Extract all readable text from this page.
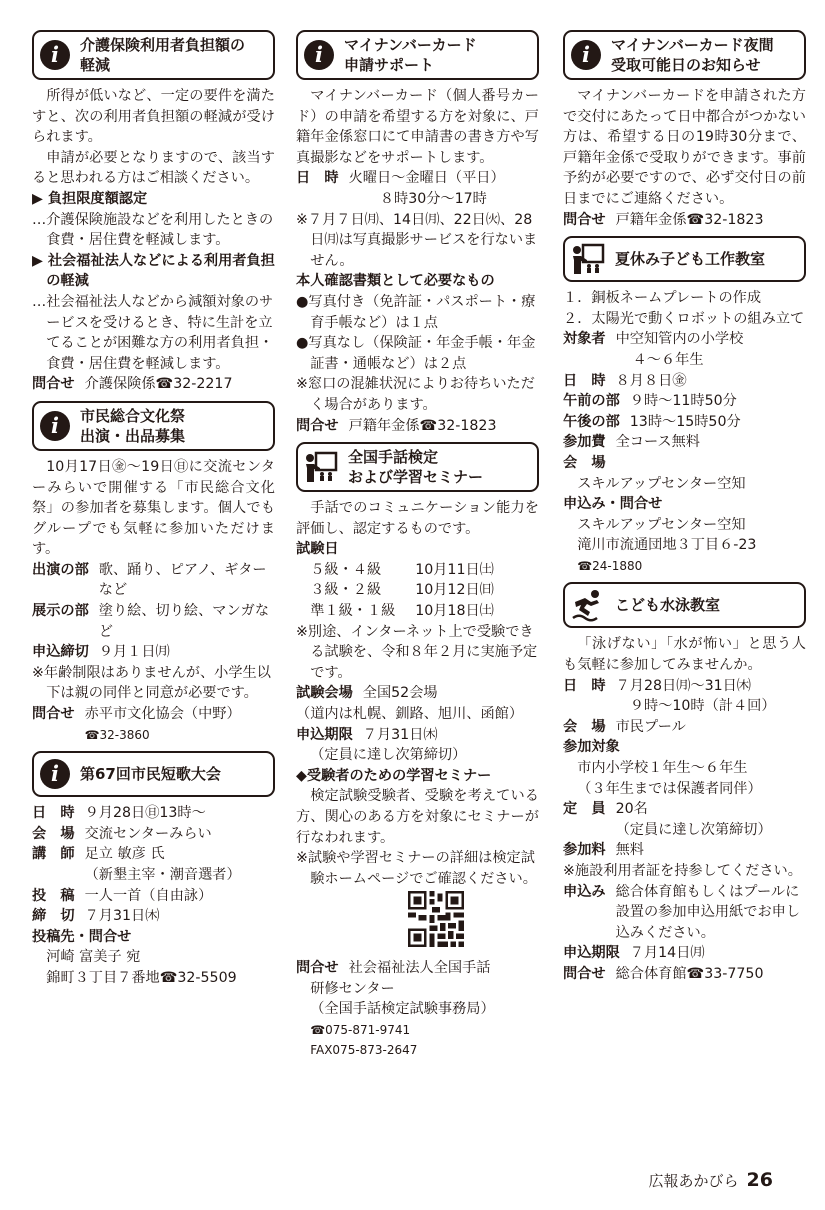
i	介護保険利用者負担額の
軽減

所得が低いなど、一定の要件を満たすと、次の利用者負担額の軽減が受けられます。

申請が必要となりますので、該当すると思われる方はご相談ください。

▶ 負担限度額認定

…介護保険施設などを利用したときの食費・居住費を軽減します。

▶ 社会福祉法人などによる利用者負担の軽減

…社会福祉法人などから減額対象のサービスを受けるとき、特に生計を立てることが困難な方の利用者負担・食費・居住費を軽減します。

問合せ 介護保険係☎32-2217
i	市民総合文化祭
出演・出品募集

10月17日㊎～19日㊐に交流センターみらいで開催する「市民総合文化祭」の参加者を募集します。個人でもグループでも気軽に参加いただけます。

出演の部 歌、踊り、ピアノ、ギターなど
展示の部 塗り絵、切り絵、マンガなど
申込締切 ９月１日㈪

※年齢制限はありませんが、小学生以下は親の同伴と同意が必要です。

問合せ 赤平市文化協会（中野）
☎32-3860
i	第67回市民短歌大会
日　時 ９月28日㊐13時～
会　場 交流センターみらい
講　師 足立 敏彦 氏
（新墾主宰・潮音選者）
投　稿 一人一首（自由詠）
締　切 ７月31日㈭
投稿先・問合せ
河崎 富美子 宛
錦町３丁目７番地☎32-5509
i	マイナンバーカード
申請サポート

マイナンバーカード（個人番号カード）の申請を希望する方を対象に、戸籍年金係窓口にて申請書の書き方や写真撮影などをサポートします。

日　時 火曜日～金曜日（平日）
８時30分～17時

※７月７日㈪、14日㈪、22日㈫、28日㈪は写真撮影サービスを行ないません。

本人確認書類として必要なもの

●写真付き（免許証・パスポート・療育手帳など）は１点

●写真なし（保険証・年金手帳・年金証書・通帳など）は２点

※窓口の混雑状況によりお待ちいただく場合があります。

問合せ 戸籍年金係☎32-1823
全国手話検定
および学習セミナー

手話でのコミュニケーション能力を評価し、認定するものです。

試験日

５級・４級	10月11日㈯
３級・２級	10月12日㈰
準１級・１級	10月18日㈯

※別途、インターネット上で受験できる試験を、令和８年２月に実施予定です。

試験会場 全国52会場

（道内は札幌、釧路、旭川、函館）

申込期限 ７月31日㈭

（定員に達し次第締切）

◆受験者のための学習セミナー

検定試験受験者、受験を考えている方、関心のある方を対象にセミナーが行なわれます。

※試験や学習セミナーの詳細は検定試験ホームページでご確認ください。

問合せ 社会福祉法人全国手話
研修センター
（全国手話検定試験事務局）
☎075-871-9741
FAX075-873-2647
i	マイナンバーカード夜間
受取可能日のお知らせ

マイナンバーカードを申請された方で交付にあたって日中都合がつかない方は、希望する日の19時30分まで、戸籍年金係で受取りができます。事前予約が必要ですので、必ず交付日の前日までにご連絡ください。

問合せ 戸籍年金係☎32-1823
夏休み子ども工作教室

１．銅板ネームプレートの作成

２．太陽光で動くロボットの組み立て

対象者 中空知管内の小学校
４～６年生
日　時 ８月８日㊎
午前の部 ９時～11時50分
午後の部 13時～15時50分
参加費 全コース無料
会　場
スキルアップセンター空知
申込み・問合せ
スキルアップセンター空知
滝川市流通団地３丁目６-23
☎24-1880
こども水泳教室

「泳げない」「水が怖い」と思う人も気軽に参加してみませんか。

日　時 ７月28日㈪～31日㈭
９時～10時（計４回）
会　場 市民プール
参加対象
市内小学校１年生～６年生
（３年生までは保護者同伴）
定　員 20名
（定員に達し次第締切）
参加料 無料

※施設利用者証を持参してください。

申込み 総合体育館もしくはプールに設置の参加申込用紙でお申し込みください。
申込期限 ７月14日㈪
問合せ 総合体育館☎33-7750
広報あかびら 26
